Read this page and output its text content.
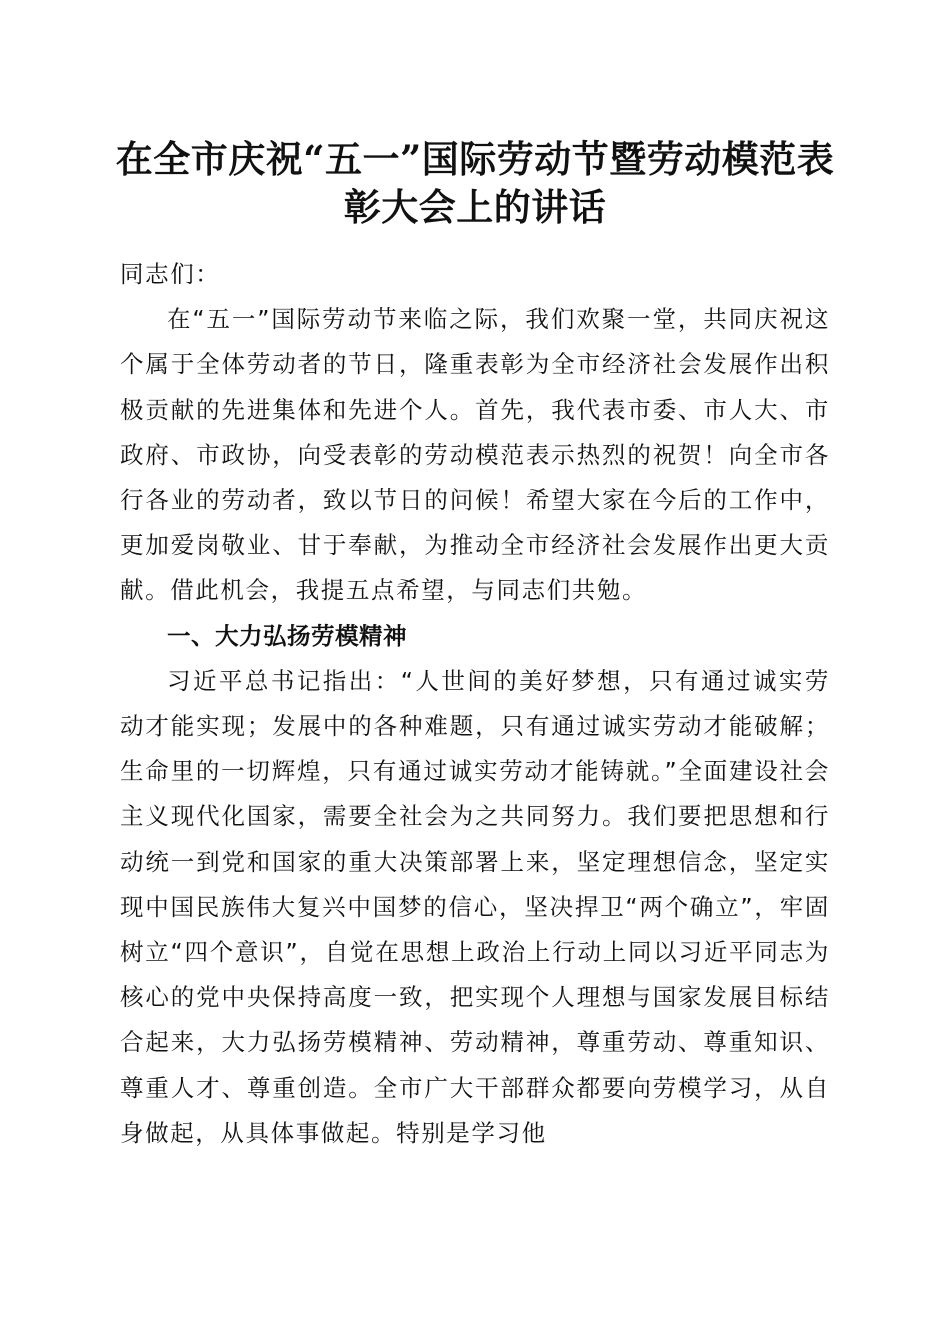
在全市庆祝“五一”国际劳动节暨劳动模范表彰大会上的讲话

同志们：

在“五一”国际劳动节来临之际，我们欢聚一堂，共同庆祝这个属于全体劳动者的节日，隆重表彰为全市经济社会发展作出积极贡献的先进集体和先进个人。首先，我代表市委、市人大、市政府、市政协，向受表彰的劳动模范表示热烈的祝贺！向全市各行各业的劳动者，致以节日的问候！希望大家在今后的工作中，更加爱岗敬业、甘于奉献，为推动全市经济社会发展作出更大贡献。借此机会，我提五点希望，与同志们共勉。

一、大力弘扬劳模精神

习近平总书记指出：“人世间的美好梦想，只有通过诚实劳动才能实现；发展中的各种难题，只有通过诚实劳动才能破解；生命里的一切辉煌，只有通过诚实劳动才能铸就。”全面建设社会主义现代化国家，需要全社会为之共同努力。我们要把思想和行动统一到党和国家的重大决策部署上来，坚定理想信念，坚定实现中国民族伟大复兴中国梦的信心，坚决捍卫“两个确立”，牢固树立“四个意识”，自觉在思想上政治上行动上同以习近平同志为核心的党中央保持高度一致，把实现个人理想与国家发展目标结合起来，大力弘扬劳模精神、劳动精神，尊重劳动、尊重知识、尊重人才、尊重创造。全市广大干部群众都要向劳模学习，从自身做起，从具体事做起。特别是学习他
